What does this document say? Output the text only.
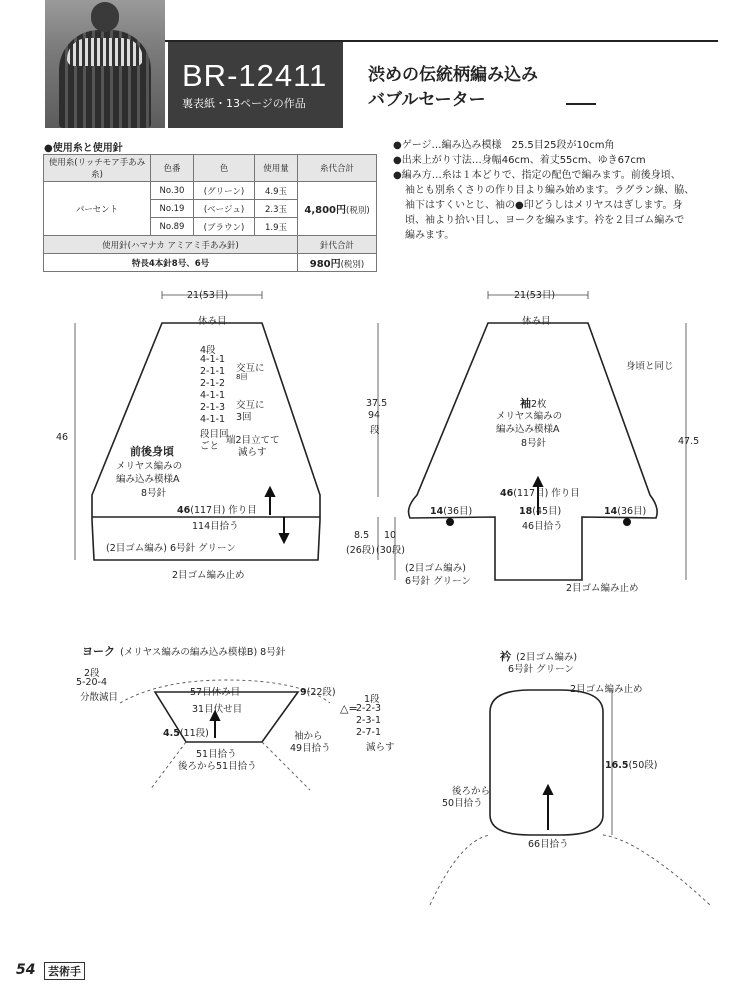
BR-12411
裏表紙・13ページの作品
渋めの伝統柄編み込み
バブルセーター
●使用糸と使用針
使用糸(リッチモア手あみ糸)	色番	色	使用量	糸代合計
パーセント	No.30	(グリーン)	4.9玉	4,800円(税別)
	No.19	(ベージュ)	2.3玉	
	No.89	(ブラウン)	1.9玉	
使用針(ハマナカ アミアミ手あみ針)				針代合計
特長4本針8号、6号				980円(税別)
●ゲージ…編み込み模様　25.5目25段が10cm角
●出来上がり寸法…身幅46cm、着丈55cm、ゆき67cm
●編み方…糸は１本どりで、指定の配色で編みます。前後身頃、
袖とも別糸くさりの作り目より編み始めます。ラグラン線、脇、
袖下はすくいとじ、袖の●印どうしはメリヤスはぎします。身
頃、袖より拾い目し、ヨークを編みます。衿を２目ゴム編みで
編みます。
21(53目)
休み目
4段
4-1-1
2-1-1
2-1-2
4-1-1
2-1-3
4-1-1
段目回
交互に
8回
交互に
3回
ごと
端2目立てて
減らす
前後身頃
メリヤス編みの
編み込み模様A
8号針
46(117目) 作り目
114目拾う
(2目ゴム編み) 6号針 グリーン
2目ゴム編み止め
46
37.5
94
段
8.5
(26段)
21(53目)
休み目
身頃と同じ
袖2枚
メリヤス編みの
編み込み模様A
8号針
46(117目) 作り目
14(36目)	18(45目)	14(36目)
46目拾う
(2目ゴム編み)
6号針 グリーン
2目ゴム編み止め
47.5
10
(30段)
ヨーク (メリヤス編みの編み込み模様B) 8号針
2段
5-20-4
分散減目	57目休み目
31目伏せ目
9(22段)
4.5(11段)
51目拾う
後ろから51目拾う
袖から
49目拾う
△=
1段
2-2-3
2-3-1
2-7-1
減らす
衿 (2目ゴム編み)
6号針 グリーン
2目ゴム編み止め
16.5(50段)
後ろから
50目拾う
66目拾う
54	芸術手
